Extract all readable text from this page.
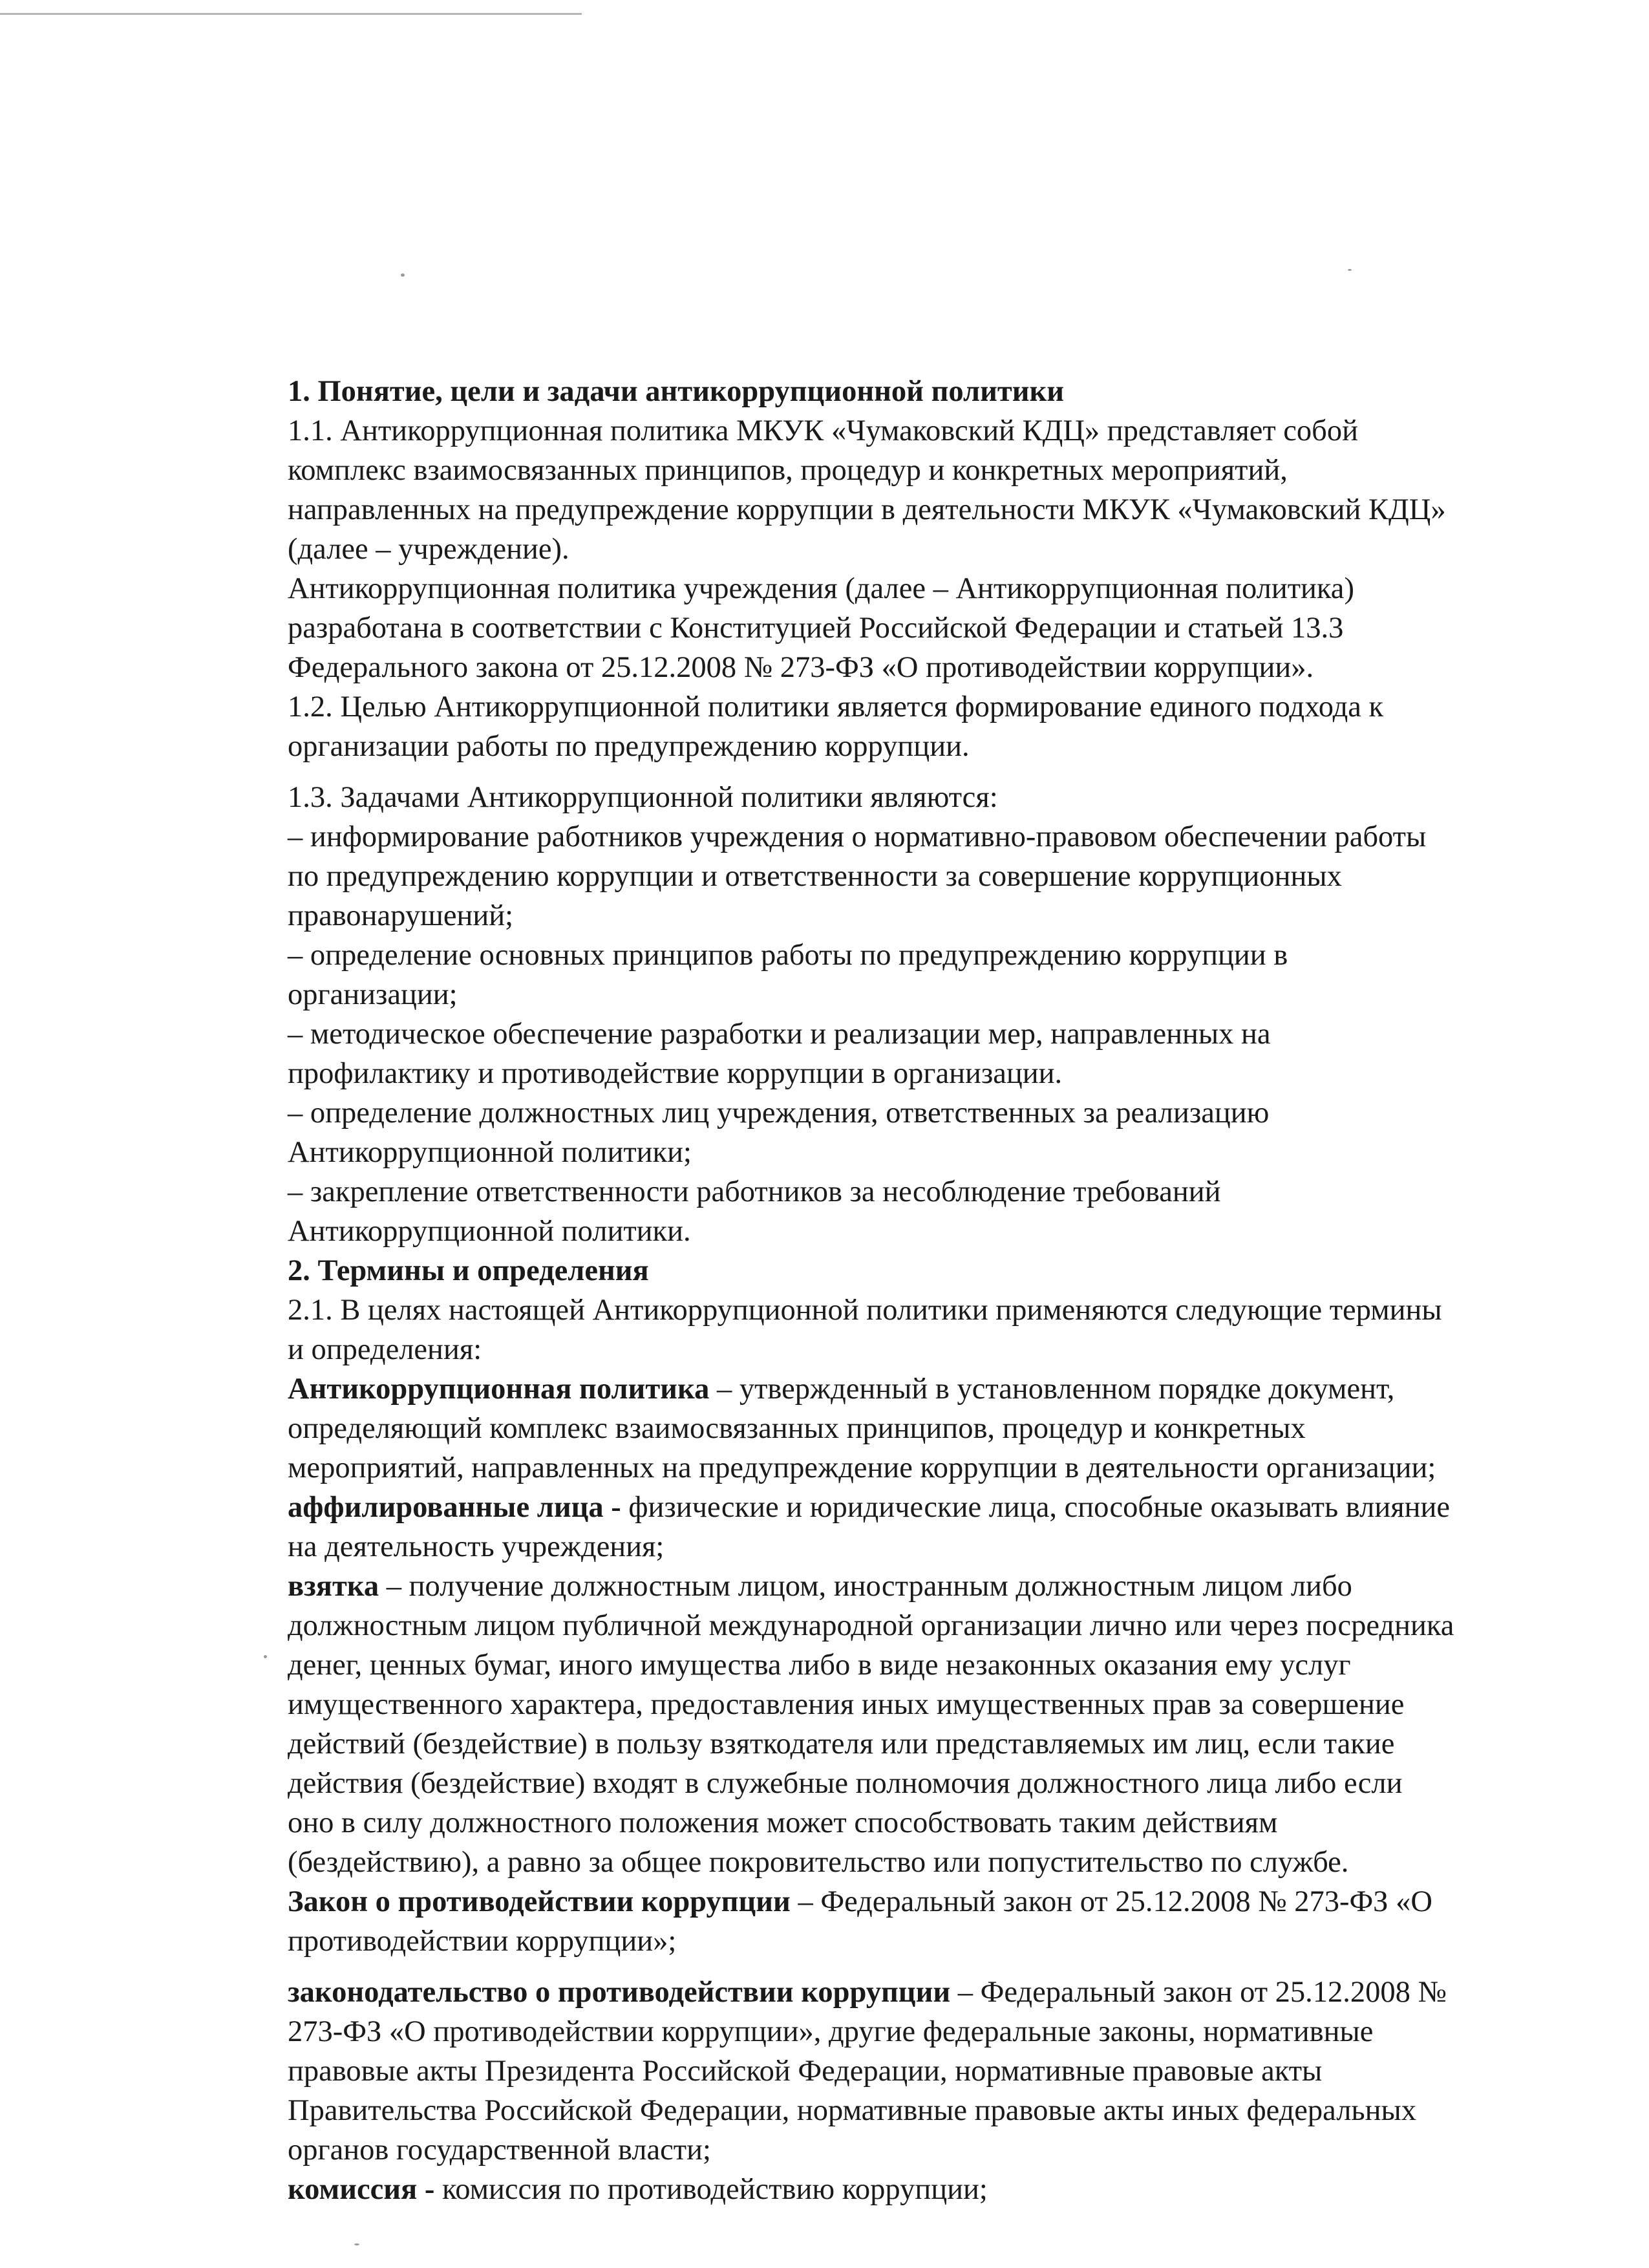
1. Понятие, цели и задачи антикоррупционной политики
1.1. Антикоррупционная политика МКУК «Чумаковский КДЦ» представляет собой
комплекс взаимосвязанных принципов, процедур и конкретных мероприятий,
направленных на предупреждение коррупции в деятельности МКУК «Чумаковский КДЦ»
(далее – учреждение).
Антикоррупционная политика учреждения (далее – Антикоррупционная политика)
разработана в соответствии с Конституцией Российской Федерации и статьей 13.3
Федерального закона от 25.12.2008 № 273-ФЗ «О противодействии коррупции».
1.2. Целью Антикоррупционной политики является формирование единого подхода к
организации работы по предупреждению коррупции.
1.3. Задачами Антикоррупционной политики являются:
– информирование работников учреждения о нормативно-правовом обеспечении работы
по предупреждению коррупции и ответственности за совершение коррупционных
правонарушений;
– определение основных принципов работы по предупреждению коррупции в
организации;
– методическое обеспечение разработки и реализации мер, направленных на
профилактику и противодействие коррупции в организации.
– определение должностных лиц учреждения, ответственных за реализацию
Антикоррупционной политики;
– закрепление ответственности работников за несоблюдение требований
Антикоррупционной политики.
2. Термины и определения
2.1. В целях настоящей Антикоррупционной политики применяются следующие термины
и определения:
Антикоррупционная политика – утвержденный в установленном порядке документ,
определяющий комплекс взаимосвязанных принципов, процедур и конкретных
мероприятий, направленных на предупреждение коррупции в деятельности организации;
аффилированные лица - физические и юридические лица, способные оказывать влияние
на деятельность учреждения;
взятка – получение должностным лицом, иностранным должностным лицом либо
должностным лицом публичной международной организации лично или через посредника
денег, ценных бумаг, иного имущества либо в виде незаконных оказания ему услуг
имущественного характера, предоставления иных имущественных прав за совершение
действий (бездействие) в пользу взяткодателя или представляемых им лиц, если такие
действия (бездействие) входят в служебные полномочия должностного лица либо если
оно в силу должностного положения может способствовать таким действиям
(бездействию), а равно за общее покровительство или попустительство по службе.
Закон о противодействии коррупции – Федеральный закон от 25.12.2008 № 273-ФЗ «О
противодействии коррупции»;
законодательство о противодействии коррупции – Федеральный закон от 25.12.2008 №
273-ФЗ «О противодействии коррупции», другие федеральные законы, нормативные
правовые акты Президента Российской Федерации, нормативные правовые акты
Правительства Российской Федерации, нормативные правовые акты иных федеральных
органов государственной власти;
комиссия - комиссия по противодействию коррупции;
